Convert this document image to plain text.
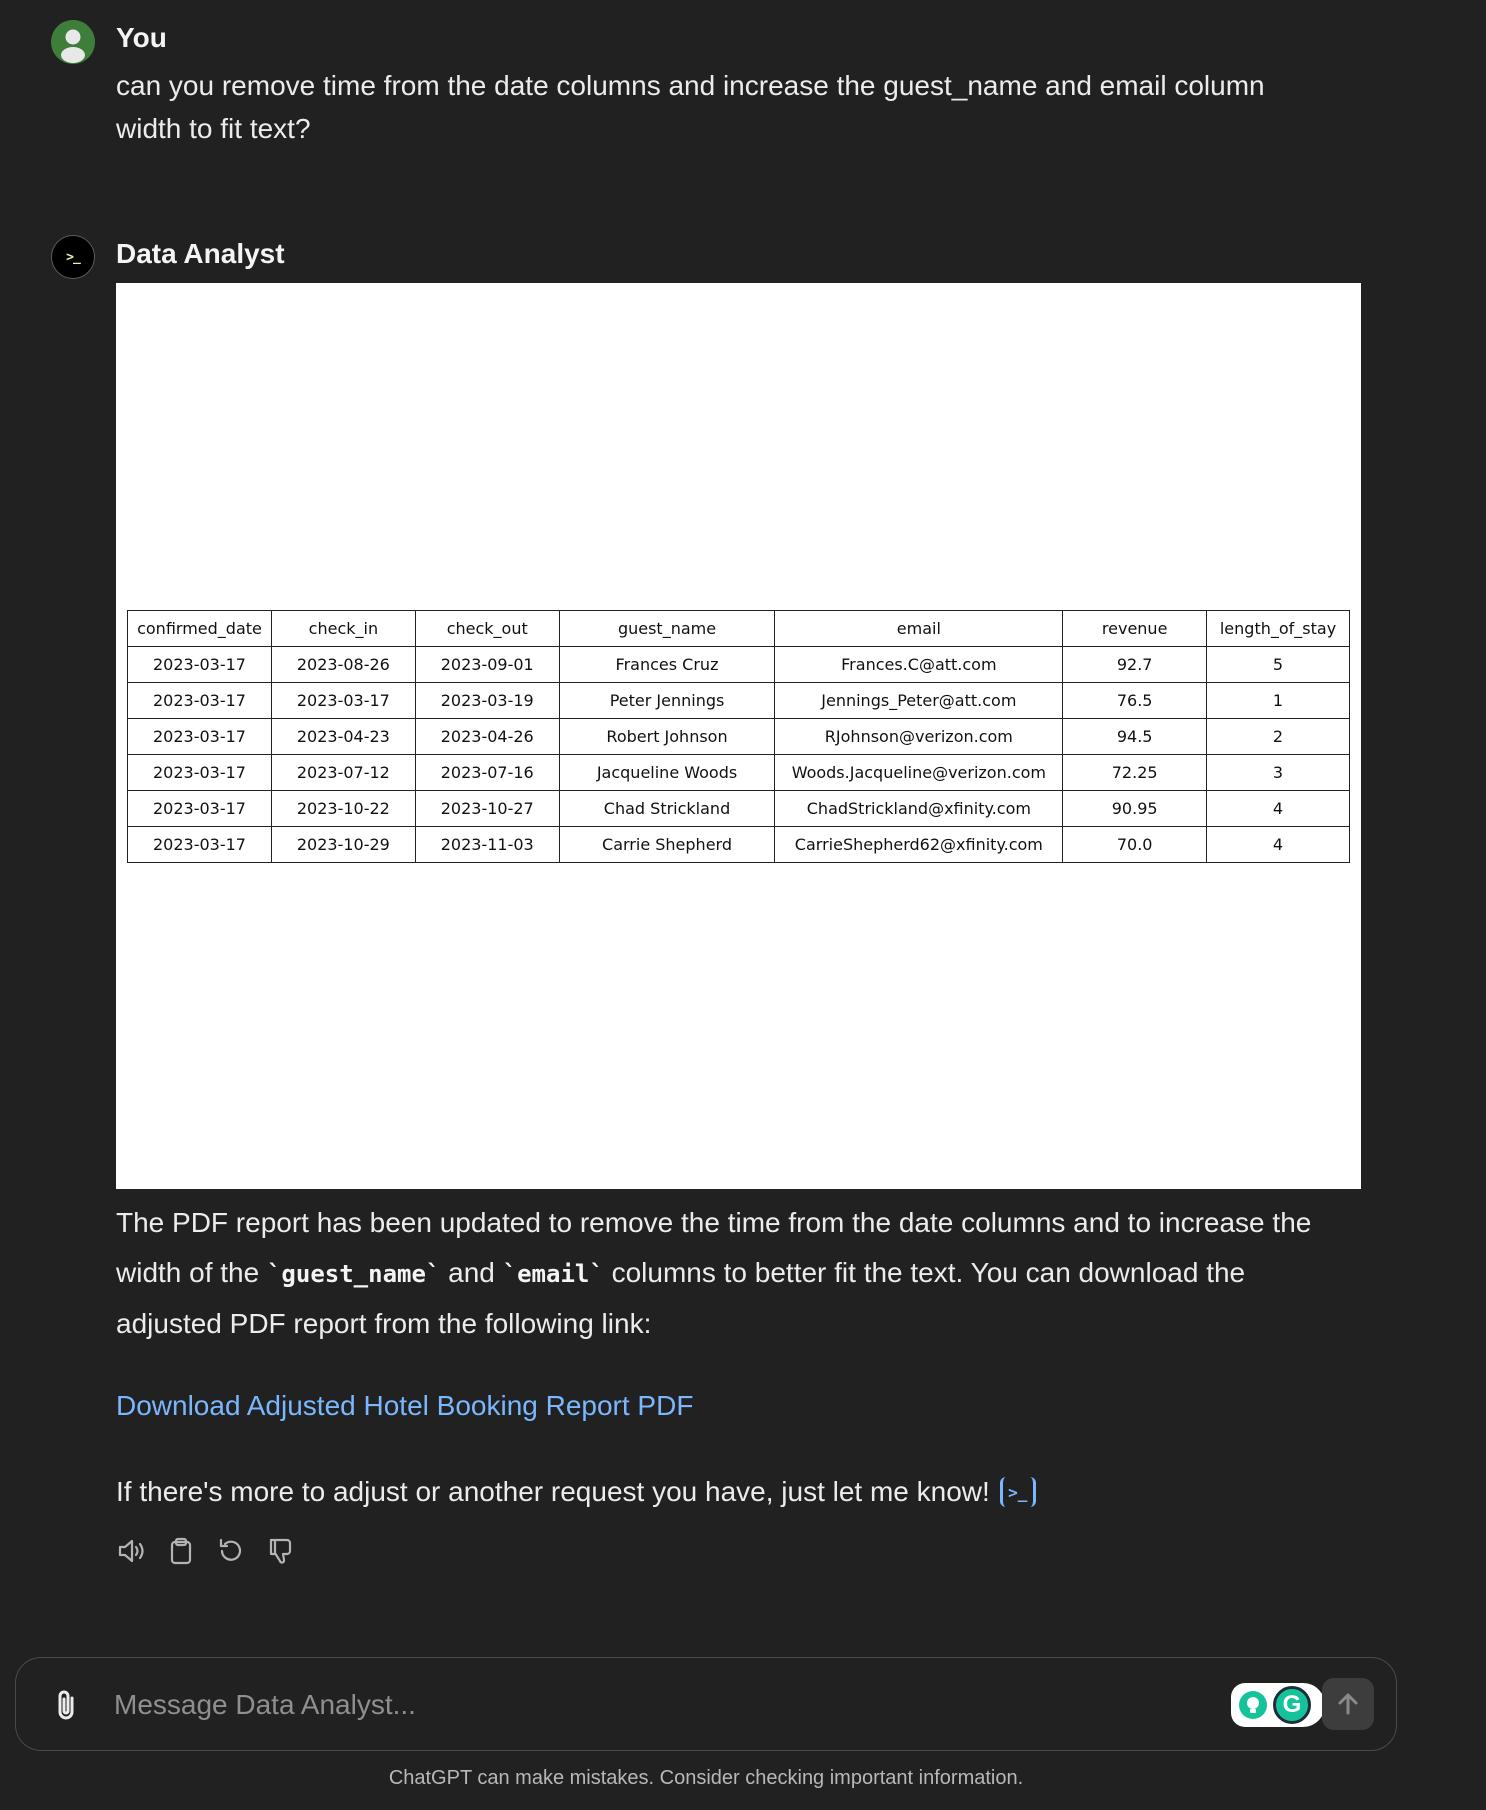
You
can you remove time from the date columns and increase the guest_name and email column width to fit text?
>_ Data Analyst
confirmed_date	check_in	check_out	guest_name	email	revenue	length_of_stay
2023-03-17	2023-08-26	2023-09-01	Frances Cruz	Frances.C@att.com	92.7	5
2023-03-17	2023-03-17	2023-03-19	Peter Jennings	Jennings_Peter@att.com	76.5	1
2023-03-17	2023-04-23	2023-04-26	Robert Johnson	RJohnson@verizon.com	94.5	2
2023-03-17	2023-07-12	2023-07-16	Jacqueline Woods	Woods.Jacqueline@verizon.com	72.25	3
2023-03-17	2023-10-22	2023-10-27	Chad Strickland	ChadStrickland@xfinity.com	90.95	4
2023-03-17	2023-10-29	2023-11-03	Carrie Shepherd	CarrieShepherd62@xfinity.com	70.0	4
The PDF report has been updated to remove the time from the date columns and to increase the width of the `guest_name` and `email` columns to better fit the text. You can download the adjusted PDF report from the following link:
Download Adjusted Hotel Booking Report PDF
If there's more to adjust or another request you have, just let me know!	>_
Message Data Analyst...
G
ChatGPT can make mistakes. Consider checking important information.
